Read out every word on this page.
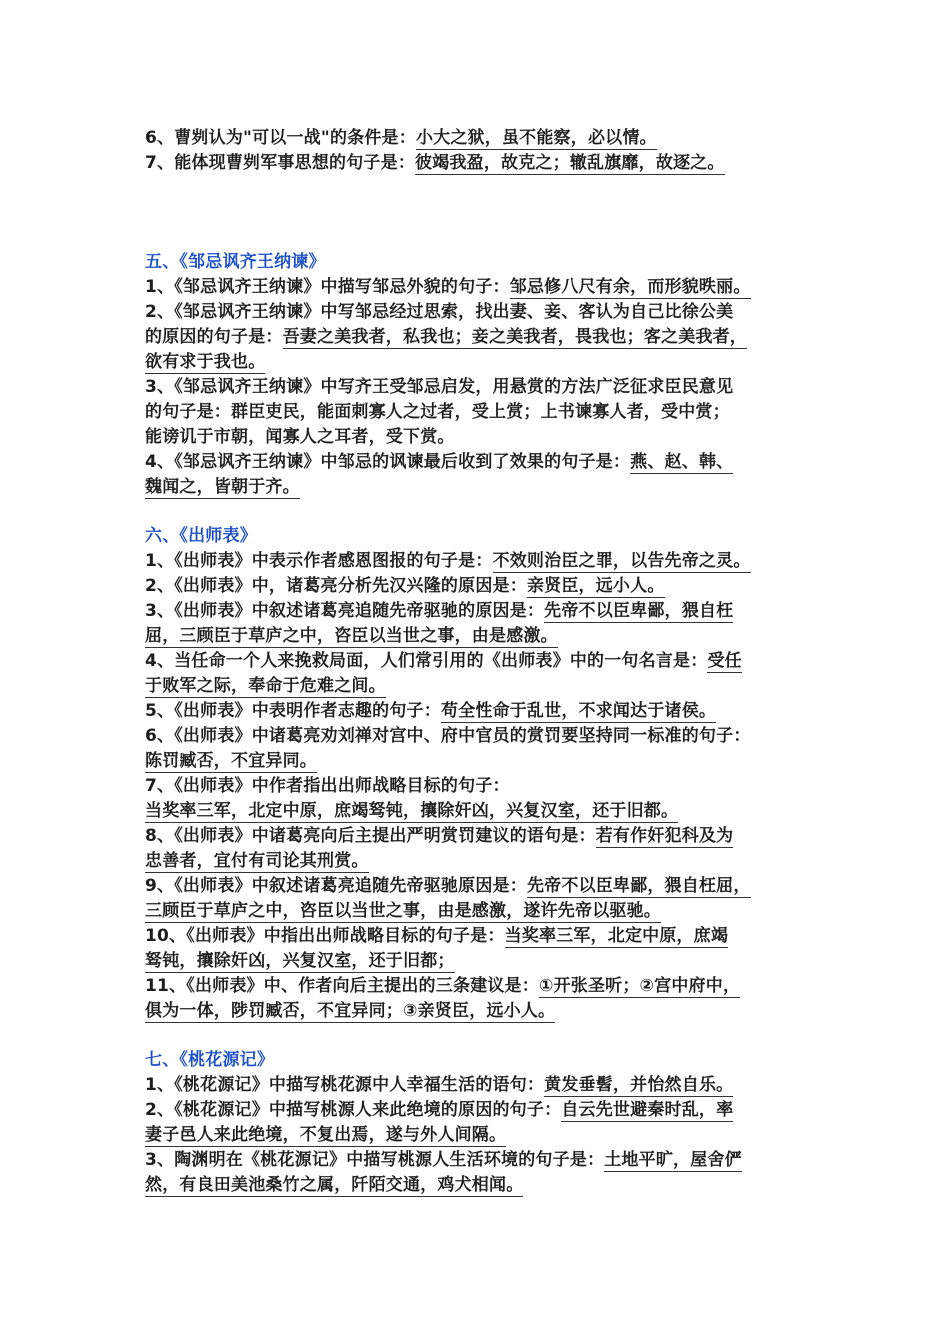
6、曹刿认为"可以一战"的条件是：小大之狱，虽不能察，必以情。
7、能体现曹刿军事思想的句子是：彼竭我盈，故克之；辙乱旗靡，故逐之。
五、《邹忌讽齐王纳谏》
1、《邹忌讽齐王纳谏》中描写邹忌外貌的句子：邹忌修八尺有余，而形貌昳丽。
2、《邹忌讽齐王纳谏》中写邹忌经过思索，找出妻、妾、客认为自己比徐公美
的原因的句子是：吾妻之美我者，私我也；妾之美我者，畏我也；客之美我者，
欲有求于我也。
3、《邹忌讽齐王纳谏》中写齐王受邹忌启发，用悬赏的方法广泛征求臣民意见
的句子是：群臣吏民，能面刺寡人之过者，受上赏；上书谏寡人者，受中赏；
能谤讥于市朝，闻寡人之耳者，受下赏。
4、《邹忌讽齐王纳谏》中邹忌的讽谏最后收到了效果的句子是：燕、赵、韩、
魏闻之，皆朝于齐。
六、《出师表》
1、《出师表》中表示作者感恩图报的句子是：不效则治臣之罪，以告先帝之灵。
2、《出师表》中，诸葛亮分析先汉兴隆的原因是：亲贤臣，远小人。
3、《出师表》中叙述诸葛亮追随先帝驱驰的原因是：先帝不以臣卑鄙，猥自枉
屈，三顾臣于草庐之中，咨臣以当世之事，由是感激。
4、当任命一个人来挽救局面，人们常引用的《出师表》中的一句名言是：受任
于败军之际，奉命于危难之间。
5、《出师表》中表明作者志趣的句子：苟全性命于乱世，不求闻达于诸侯。
6、《出师表》中诸葛亮劝刘禅对宫中、府中官员的赏罚要坚持同一标准的句子：
陈罚臧否，不宜异同。
7、《出师表》中作者指出出师战略目标的句子：
当奖率三军，北定中原，庶竭驽钝，攘除奸凶，兴复汉室，还于旧都。
8、《出师表》中诸葛亮向后主提出严明赏罚建议的语句是：若有作奸犯科及为
忠善者，宜付有司论其刑赏。
9、《出师表》中叙述诸葛亮追随先帝驱驰原因是：先帝不以臣卑鄙，猥自枉屈，
三顾臣于草庐之中，咨臣以当世之事，由是感激，遂许先帝以驱驰。
10、《出师表》中指出出师战略目标的句子是：当奖率三军，北定中原，庶竭
驽钝，攘除奸凶，兴复汉室，还于旧都；
11、《出师表》中、作者向后主提出的三条建议是：①开张圣听；②宫中府中，
俱为一体，陟罚臧否，不宜异同；③亲贤臣，远小人。
七、《桃花源记》
1、《桃花源记》中描写桃花源中人幸福生活的语句：黄发垂髫，并怡然自乐。
2、《桃花源记》中描写桃源人来此绝境的原因的句子：自云先世避秦时乱，率
妻子邑人来此绝境，不复出焉，遂与外人间隔。
3、陶渊明在《桃花源记》中描写桃源人生活环境的句子是：土地平旷，屋舍俨
然，有良田美池桑竹之属，阡陌交通，鸡犬相闻。
